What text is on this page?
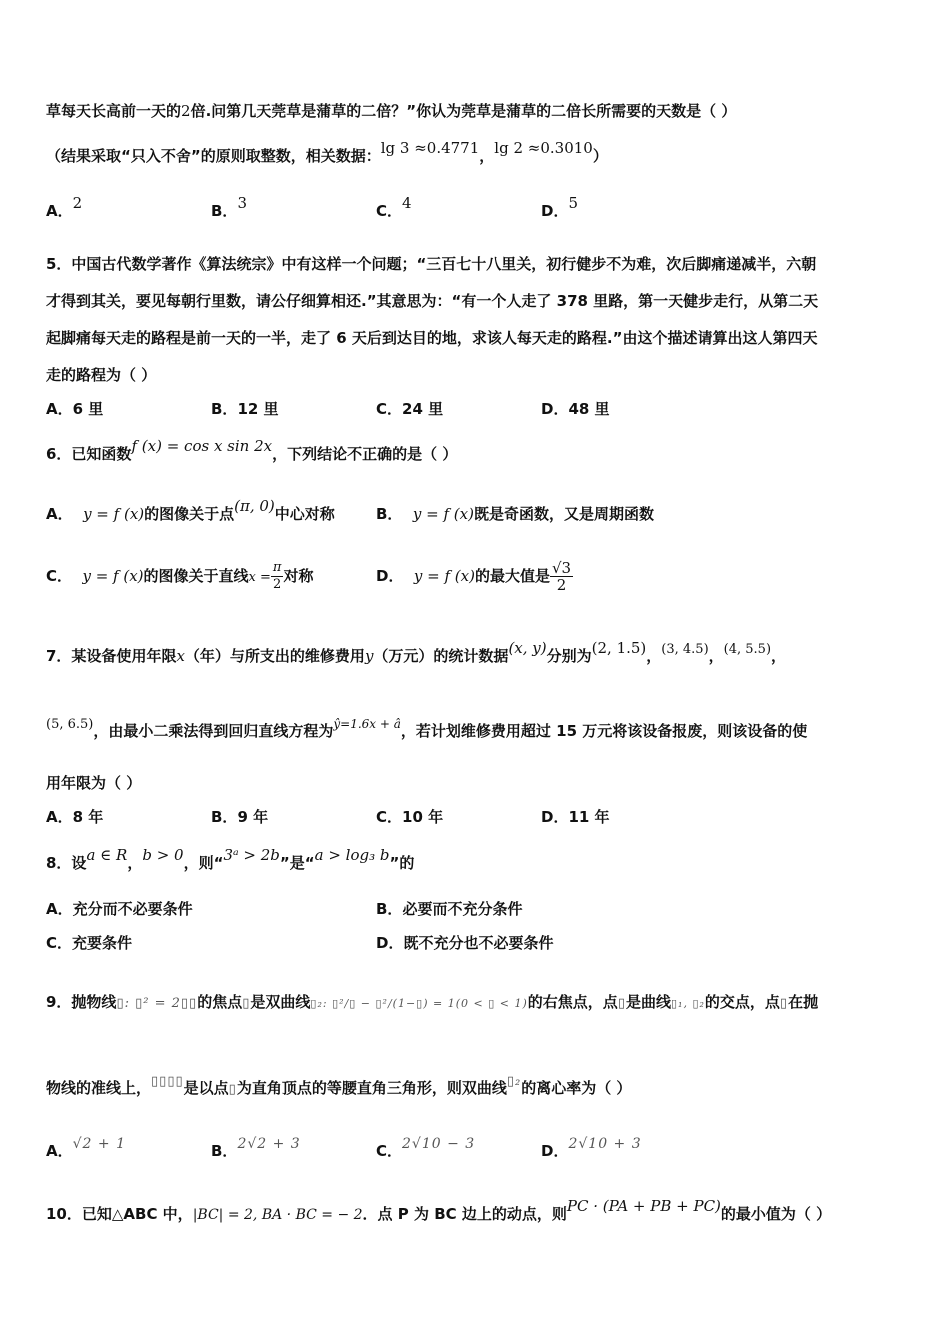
草每天长高前一天的2倍.问第几天莞草是蒲草的二倍？”你认为莞草是蒲草的二倍长所需要的天数是（ ）
（结果采取“只入不舍”的原则取整数，相关数据：lg 3 ≈0.4771，lg 2 ≈0.3010）
A．2	B．3	C．4	D．5
5．中国古代数学著作《算法统宗》中有这样一个问题；“三百七十八里关，初行健步不为难，次后脚痛递减半，六朝
才得到其关，要见每朝行里数，请公仔细算相还.”其意思为：“有一个人走了 378 里路，第一天健步走行，从第二天
起脚痛每天走的路程是前一天的一半，走了 6 天后到达目的地，求该人每天走的路程.”由这个描述请算出这人第四天
走的路程为（ ）
A．6 里	B．12 里	C．24 里	D．48 里
6．已知函数f (x) = cos x sin 2x，下列结论不正确的是（ ）
A． y = f (x)的图像关于点(π, 0)中心对称	B． y = f (x)既是奇函数，又是周期函数
C． y = f (x)的图像关于直线$x = \frac{\pi}{2}$ 对称	D． y = f (x)的最大值是 $\frac{√3}{2}$
7．某设备使用年限x（年）与所支出的维修费用y（万元）的统计数据(x, y)分别为(2, 1.5)，(3, 4.5)，(4, 5.5)，
(5, 6.5)，由最小二乘法得到回归直线方程为$^{ŷ=1.6x + â}$，若计划维修费用超过 15 万元将该设备报废，则该设备的使
用年限为（ ）
A．8 年	B．9 年	C．10 年	D．11 年
8．设a ∈ R，b > 0，则“3ᵃ > 2b”是“a > log₃ b”的
A．充分而不必要条件	B．必要而不充分条件
C．充要条件	D．既不充分也不必要条件
9．抛物线▯: ▯² = 2▯▯的焦点▯是双曲线▯₂: ▯²/▯ − ▯²/(1−▯) = 1(0 < ▯ < 1)的右焦点，点▯是曲线▯₁, ▯₂的交点，点▯在抛
物线的准线上，▯▯▯▯是以点▯为直角顶点的等腰直角三角形，则双曲线▯₂的离心率为（ ）
A．√2 + 1	B．2√2 + 3	C．2√10 − 3	D．2√10 + 3
10．已知△ABC 中，|BC| = 2, BA · BC = − 2．点 P 为 BC 边上的动点，则PC · (PA + PB + PC)的最小值为（ ）
